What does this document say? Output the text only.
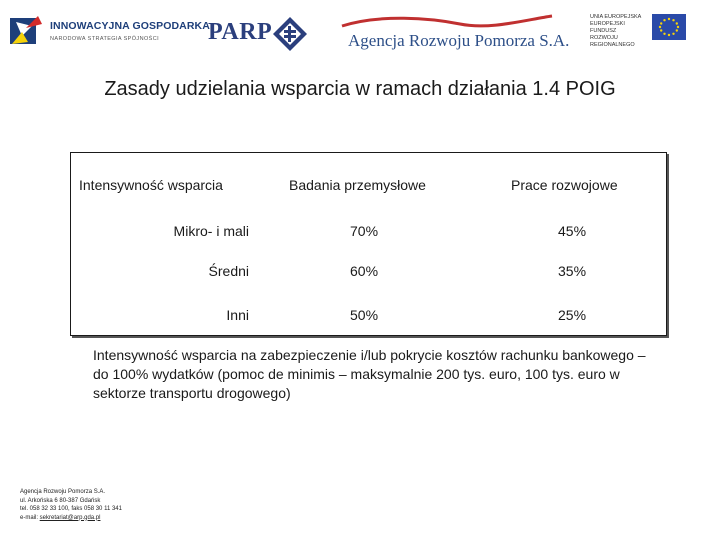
INNOWACYJNA GOSPODARKA
NARODOWA STRATEGIA SPÓJNOŚCI PARP	Agencja Rozwoju Pomorza S.A.
UNIA EUROPEJSKA
EUROPEJSKI FUNDUSZ
ROZWOJU REGIONALNEGO
Zasady udzielania wsparcia w ramach działania 1.4 POIG
Intensywność wsparcia	Badania przemysłowe	Prace rozwojowe
Mikro- i mali	70%	45%
Średni	60%	35%
Inni	50%	25%
Intensywność wsparcia na zabezpieczenie i/lub pokrycie kosztów rachunku bankowego – do 100% wydatków (pomoc de minimis – maksymalnie 200 tys. euro, 100 tys. euro w sektorze transportu drogowego)
Agencja Rozwoju Pomorza S.A.
ul. Arkońska 6 80-387 Gdańsk
tel. 058 32 33 100, faks 058 30 11 341
e-mail: sekretariat@arp.gda.pl
